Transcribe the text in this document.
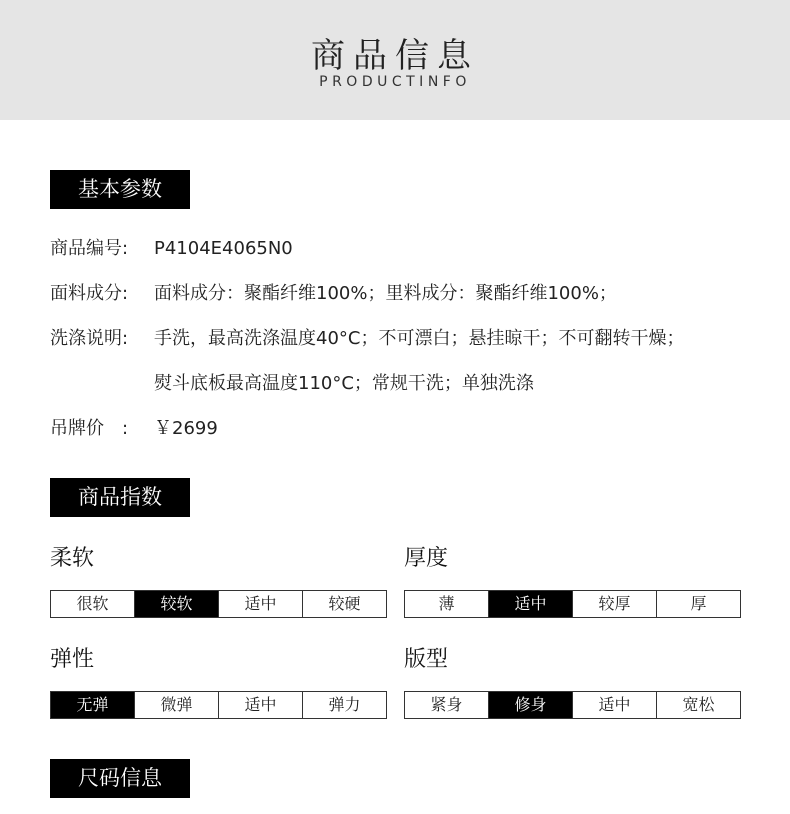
商品信息
PRODUCTINFO
基本参数
商品编号: P4104E4065N0
面料成分: 面料成分：聚酯纤维100%；里料成分：聚酯纤维100%；
洗涤说明: 手洗，最高洗涤温度40°C；不可漂白；悬挂晾干；不可翻转干燥；
熨斗底板最高温度110°C；常规干洗；单独洗涤
吊牌价　: ￥2699
商品指数
柔软
很软	较软	适中	较硬
厚度
薄	适中	较厚	厚
弹性
无弹	微弹	适中	弹力
版型
紧身	修身	适中	宽松
尺码信息
